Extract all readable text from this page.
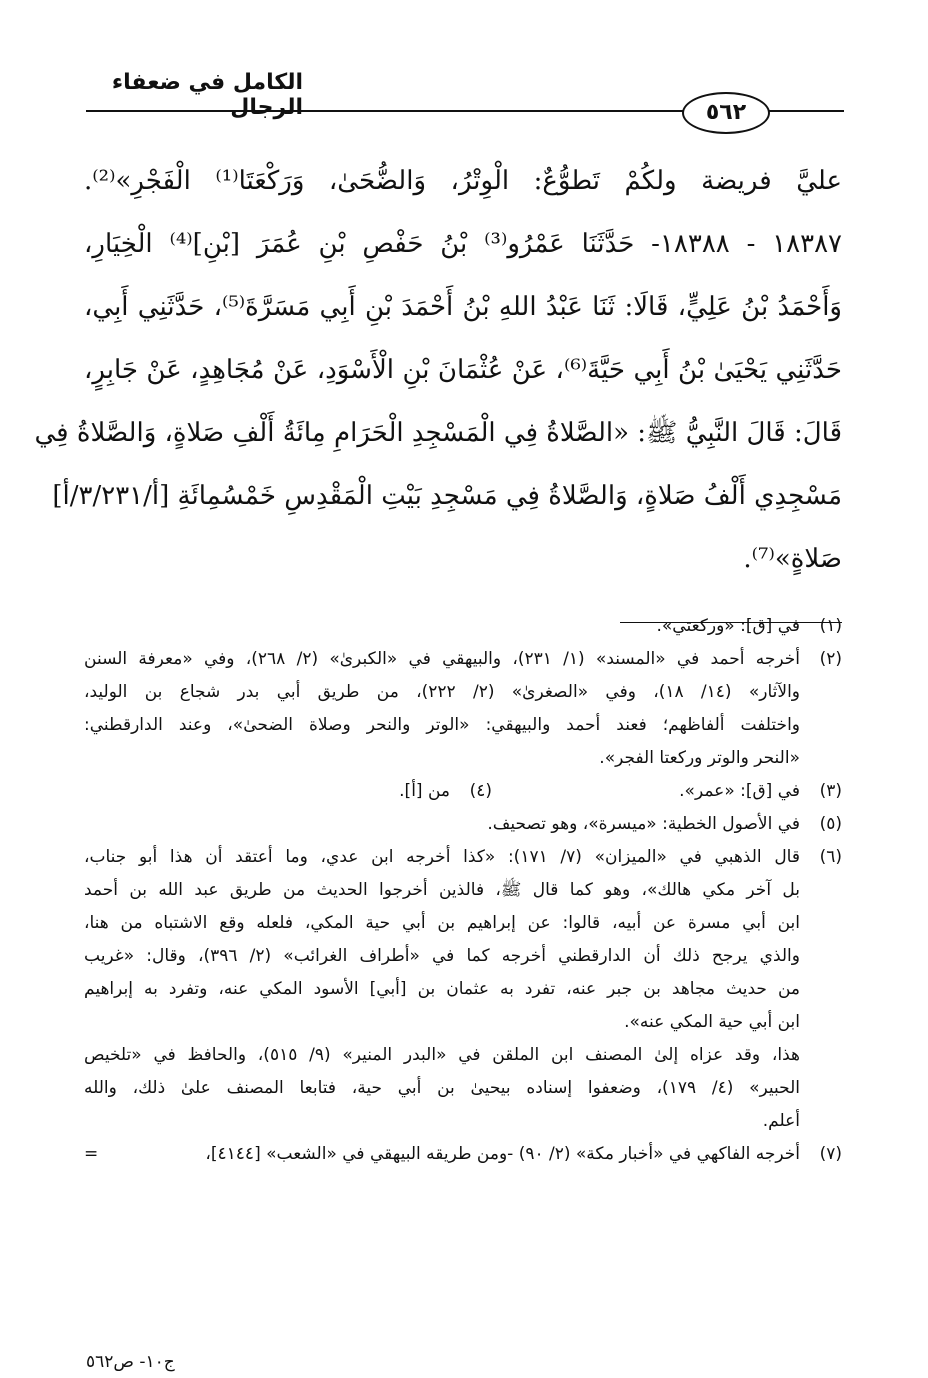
الكامل في ضعفاء الرجال	٥٦٢
عليَّ فريضة ولكُمْ تَطوُّعٌ: الْوِتْرُ، وَالضُّحَىٰ، وَرَكْعَتَا⁽¹⁾ الْفَجْرِ»⁽²⁾.
١٨٣٨٧ - ١٨٣٨٨- حَدَّثَنَا عَمْرُو⁽³⁾ بْنُ حَفْصِ بْنِ عُمَرَ [بْنِ]⁽⁴⁾ الْخِيَارِ،
وَأَحْمَدُ بْنُ عَلِيٍّ، قَالَا: ثَنَا عَبْدُ اللهِ بْنُ أَحْمَدَ بْنِ أَبِي مَسَرَّةَ⁽⁵⁾، حَدَّثَنِي أَبِي،
حَدَّثَنِي يَحْيَىٰ بْنُ أَبِي حَيَّةَ⁽⁶⁾، عَنْ عُثْمَانَ بْنِ الْأَسْوَدِ، عَنْ مُجَاهِدٍ، عَنْ جَابِرٍ،
قَالَ: قَالَ النَّبِيُّ ﷺ: «الصَّلاةُ فِي الْمَسْجِدِ الْحَرَامِ مِائَةُ أَلْفِ صَلاةٍ، وَالصَّلاةُ فِي
مَسْجِدِي أَلْفُ صَلاةٍ، وَالصَّلاةُ فِي مَسْجِدِ بَيْتِ الْمَقْدِسِ خَمْسُمِائَةِ [أ/٣/٢٣١/أ]
صَلاةٍ»⁽⁷⁾.
(١)
في [ق]: «وركعتي».
(٢)
أخرجه أحمد في «المسند» (١/ ٢٣١)، والبيهقي في «الكبرىٰ» (٢/ ٢٦٨)، وفي «معرفة السنن
والآثار» (١٤/ ١٨)، وفي «الصغرىٰ» (٢/ ٢٢٢)، من طريق أبي بدر شجاع بن الوليد،
واختلفت ألفاظهم؛ فعند أحمد والبيهقي: «الوتر والنحر وصلاة الضحىٰ»، وعند الدارقطني:
«النحر والوتر وركعتا الفجر».
(٣)
في [ق]: «عمر».
(٤)
من [أ].
(٥)
في الأصول الخطية: «ميسرة»، وهو تصحيف.
(٦)
قال الذهبي في «الميزان» (٧/ ١٧١): «كذا أخرجه ابن عدي، وما أعتقد أن هذا أبو جناب،
بل آخر مكي هالك»، وهو كما قال ﷺ، فالذين أخرجوا الحديث من طريق عبد الله بن أحمد
ابن أبي مسرة عن أبيه، قالوا: عن إبراهيم بن أبي حية المكي، فلعله وقع الاشتباه من هنا،
والذي يرجح ذلك أن الدارقطني أخرجه كما في «أطراف الغرائب» (٢/ ٣٩٦)، وقال: «غريب
من حديث مجاهد بن جبر عنه، تفرد به عثمان بن [أبي] الأسود المكي عنه، وتفرد به إبراهيم
ابن أبي حية المكي عنه».
هذا، وقد عزاه إلىٰ المصنف ابن الملقن في «البدر المنير» (٩/ ٥١٥)، والحافظ في «تلخيص
الحبير» (٤/ ١٧٩)، وضعفوا إسناده بيحيىٰ بن أبي حية، فتابعا المصنف علىٰ ذلك، والله
أعلم.
(٧)
أخرجه الفاكهي في «أخبار مكة» (٢/ ٩٠) -ومن طريقه البيهقي في «الشعب» [٤١٤٤]،
=
ج١٠- ص٥٦٢
